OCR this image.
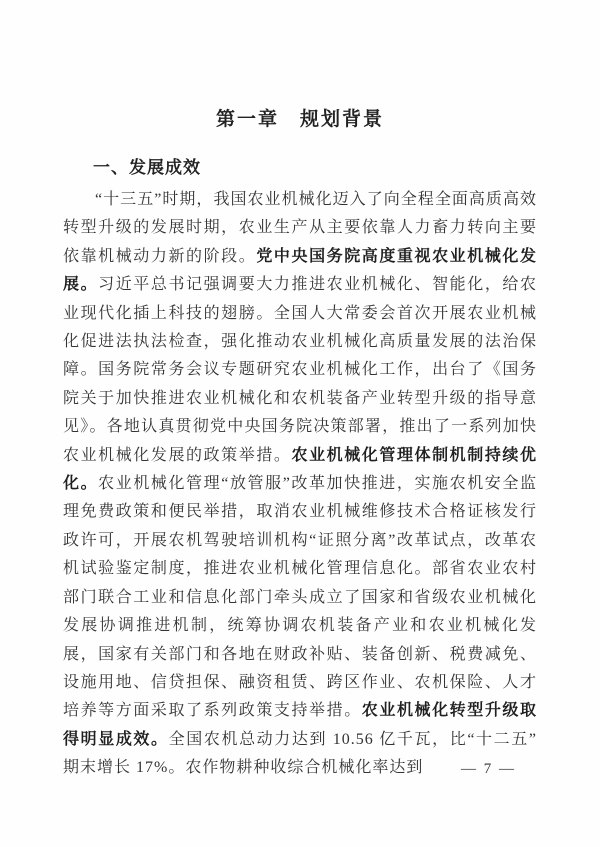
第一章　规划背景
一、发展成效

“十三五”时期，我国农业机械化迈入了向全程全面高质高效转型升级的发展时期，农业生产从主要依靠人力畜力转向主要依靠机械动力新的阶段。党中央国务院高度重视农业机械化发展。习近平总书记强调要大力推进农业机械化、智能化，给农业现代化插上科技的翅膀。全国人大常委会首次开展农业机械化促进法执法检查，强化推动农业机械化高质量发展的法治保障。国务院常务会议专题研究农业机械化工作，出台了《国务院关于加快推进农业机械化和农机装备产业转型升级的指导意见》。各地认真贯彻党中央国务院决策部署，推出了一系列加快农业机械化发展的政策举措。农业机械化管理体制机制持续优化。农业机械化管理“放管服”改革加快推进，实施农机安全监理免费政策和便民举措，取消农业机械维修技术合格证核发行政许可，开展农机驾驶培训机构“证照分离”改革试点，改革农机试验鉴定制度，推进农业机械化管理信息化。部省农业农村部门联合工业和信息化部门牵头成立了国家和省级农业机械化发展协调推进机制，统筹协调农机装备产业和农业机械化发展，国家有关部门和各地在财政补贴、装备创新、税费减免、设施用地、信贷担保、融资租赁、跨区作业、农机保险、人才培养等方面采取了系列政策支持举措。农业机械化转型升级取得明显成效。全国农机总动力达到 10.56 亿千瓦，比“十二五”期末增长 17%。农作物耕种收综合机械化率达到	— 7 —
